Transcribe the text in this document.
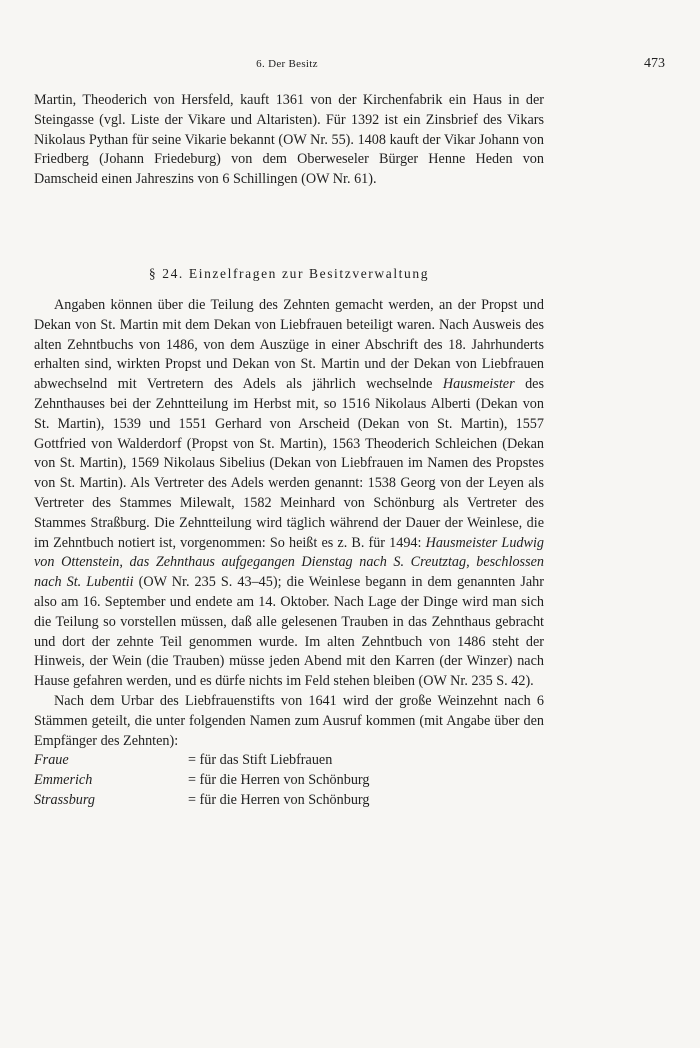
6. Der Besitz	473

Martin, Theoderich von Hersfeld, kauft 1361 von der Kirchenfabrik ein Haus in der Steingasse (vgl. Liste der Vikare und Altaristen). Für 1392 ist ein Zinsbrief des Vikars Nikolaus Pythan für seine Vikarie bekannt (OW Nr. 55). 1408 kauft der Vikar Johann von Friedberg (Johann Friedeburg) von dem Oberweseler Bürger Henne Heden von Damscheid einen Jahreszins von 6 Schillingen (OW Nr. 61).

§ 24. Einzelfragen zur Besitzverwaltung

Angaben können über die Teilung des Zehnten gemacht werden, an der Propst und Dekan von St. Martin mit dem Dekan von Liebfrauen beteiligt waren. Nach Ausweis des alten Zehntbuchs von 1486, von dem Auszüge in einer Abschrift des 18. Jahrhunderts erhalten sind, wirkten Propst und Dekan von St. Martin und der Dekan von Liebfrauen abwechselnd mit Vertretern des Adels als jährlich wechselnde Hausmeister des Zehnthauses bei der Zehntteilung im Herbst mit, so 1516 Nikolaus Alberti (Dekan von St. Martin), 1539 und 1551 Gerhard von Arscheid (Dekan von St. Martin), 1557 Gottfried von Walderdorf (Propst von St. Martin), 1563 Theoderich Schleichen (Dekan von St. Martin), 1569 Nikolaus Sibelius (Dekan von Liebfrauen im Namen des Propstes von St. Martin). Als Vertreter des Adels werden genannt: 1538 Georg von der Leyen als Vertreter des Stammes Milewalt, 1582 Meinhard von Schönburg als Vertreter des Stammes Straßburg. Die Zehntteilung wird täglich während der Dauer der Weinlese, die im Zehntbuch notiert ist, vorgenommen: So heißt es z. B. für 1494: Hausmeister Ludwig von Ottenstein, das Zehnthaus aufgegangen Dienstag nach S. Creutztag, beschlossen nach St. Lubentii (OW Nr. 235 S. 43–45); die Weinlese begann in dem genannten Jahr also am 16. September und endete am 14. Oktober. Nach Lage der Dinge wird man sich die Teilung so vorstellen müssen, daß alle gelesenen Trauben in das Zehnthaus gebracht und dort der zehnte Teil genommen wurde. Im alten Zehntbuch von 1486 steht der Hinweis, der Wein (die Trauben) müsse jeden Abend mit den Karren (der Winzer) nach Hause gefahren werden, und es dürfe nichts im Feld stehen bleiben (OW Nr. 235 S. 42).

Nach dem Urbar des Liebfrauenstifts von 1641 wird der große Weinzehnt nach 6 Stämmen geteilt, die unter folgenden Namen zum Ausruf kommen (mit Angabe über den Empfänger des Zehnten):

Fraue	= für das Stift Liebfrauen
Emmerich	= für die Herren von Schönburg
Strassburg	= für die Herren von Schönburg
